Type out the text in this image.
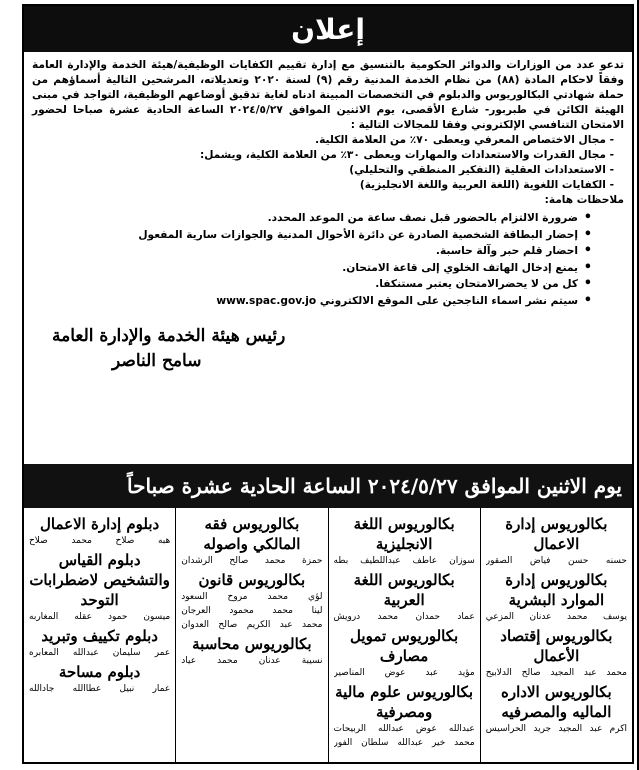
إعلان
تدعو عدد من الوزارات والدوائر الحكومية بالتنسيق مع إدارة تقييم الكفايات الوظيفية/هيئة الخدمة والإدارة العامة وفقاً لاحكام المادة (٨٨) من نظام الخدمة المدنية رقم (٩) لسنة ٢٠٢٠ وتعديلاته، المرشحين التالية أسماؤهم من حملة شهادتي البكالوريوس والدبلوم في التخصصات المبينة ادناه لغاية تدقيق أوضاعهم الوظيفية، التواجد في مبنى الهيئة الكائن في طبربور- شارع الأقصى، يوم الاثنين الموافق ٢٠٢٤/٥/٢٧ الساعة الحادية عشرة صباحا لحضور الامتحان التنافسي الإلكتروني وفقا للمجالات التالية :
- مجال الاختصاص المعرفي ويعطى ٧٠٪ من العلامة الكلية.
- مجال القدرات والاستعدادات والمهارات ويعطى ٣٠٪ من العلامة الكلية، ويشمل:
- الاستعدادات العقلية (التفكير المنطقي والتحليلي)
- الكفايات اللغوية (اللغة العربية واللغة الانجليزية)
ملاحظات هامة:
• ضرورة الالتزام بالحضور قبل نصف ساعة من الموعد المحدد.
• إحضار البطاقة الشخصية الصادرة عن دائرة الأحوال المدنية والجوازات سارية المفعول
• احضار قلم حبر وآلة حاسبة.
• يمنع إدخال الهاتف الخلوي إلى قاعة الامتحان.
• كل من لا يحضرالامتحان يعتبر مستنكفا.
• سيتم نشر اسماء الناجحين على الموقع الالكتروني www.spac.gov.jo
رئيس هيئة الخدمة والإدارة العامة
سامح الناصر
يوم الاثنين الموافق ٢٠٢٤/٥/٢٧ الساعة الحادية عشرة صباحاً
بكالوريوس إدارة الاعمال
حسنه حسن فياض الصقور
بكالوريوس إدارة الموارد البشرية
يوسف محمد عدنان المزعي
بكالوريوس إقتصاد الأعمال
محمد عبد المجيد صالح الدلابيح
بكالوريوس الاداره الماليه والمصرفيه
اكرم عبد المجيد جريد الحراسيس
بكالوريوس اللغة الانجليزية
سوزان عاطف عبداللطيف بطه
بكالوريوس اللغة العربية
عماد حمدان محمد درويش
بكالوريوس تمويل مصارف
مؤيد عبد عوض المناصير
بكالوريوس علوم مالية ومصرفية
عبدالله عوض عبدالله الربيحات
محمد خير عبدالله سلطان الفور
بكالوريوس فقه المالكي واصوله
حمزة محمد صالح الرشدان
بكالوريوس قانون
لؤي محمد مروح السعود
لينا محمد محمود العرجان
محمد عبد الكريم صالح العدوان
بكالوريوس محاسبة
نسيبة عدنان محمد عياد
دبلوم إدارة الاعمال
هبه صلاح محمد صلاح
دبلوم القياس والتشخيص لاضطرابات التوحد
ميسون حمود عقله المغاربه
دبلوم تكييف وتبريد
عمر سليمان عبدالله المعابره
دبلوم مساحة
عمار نبيل عطاالله جادالله
